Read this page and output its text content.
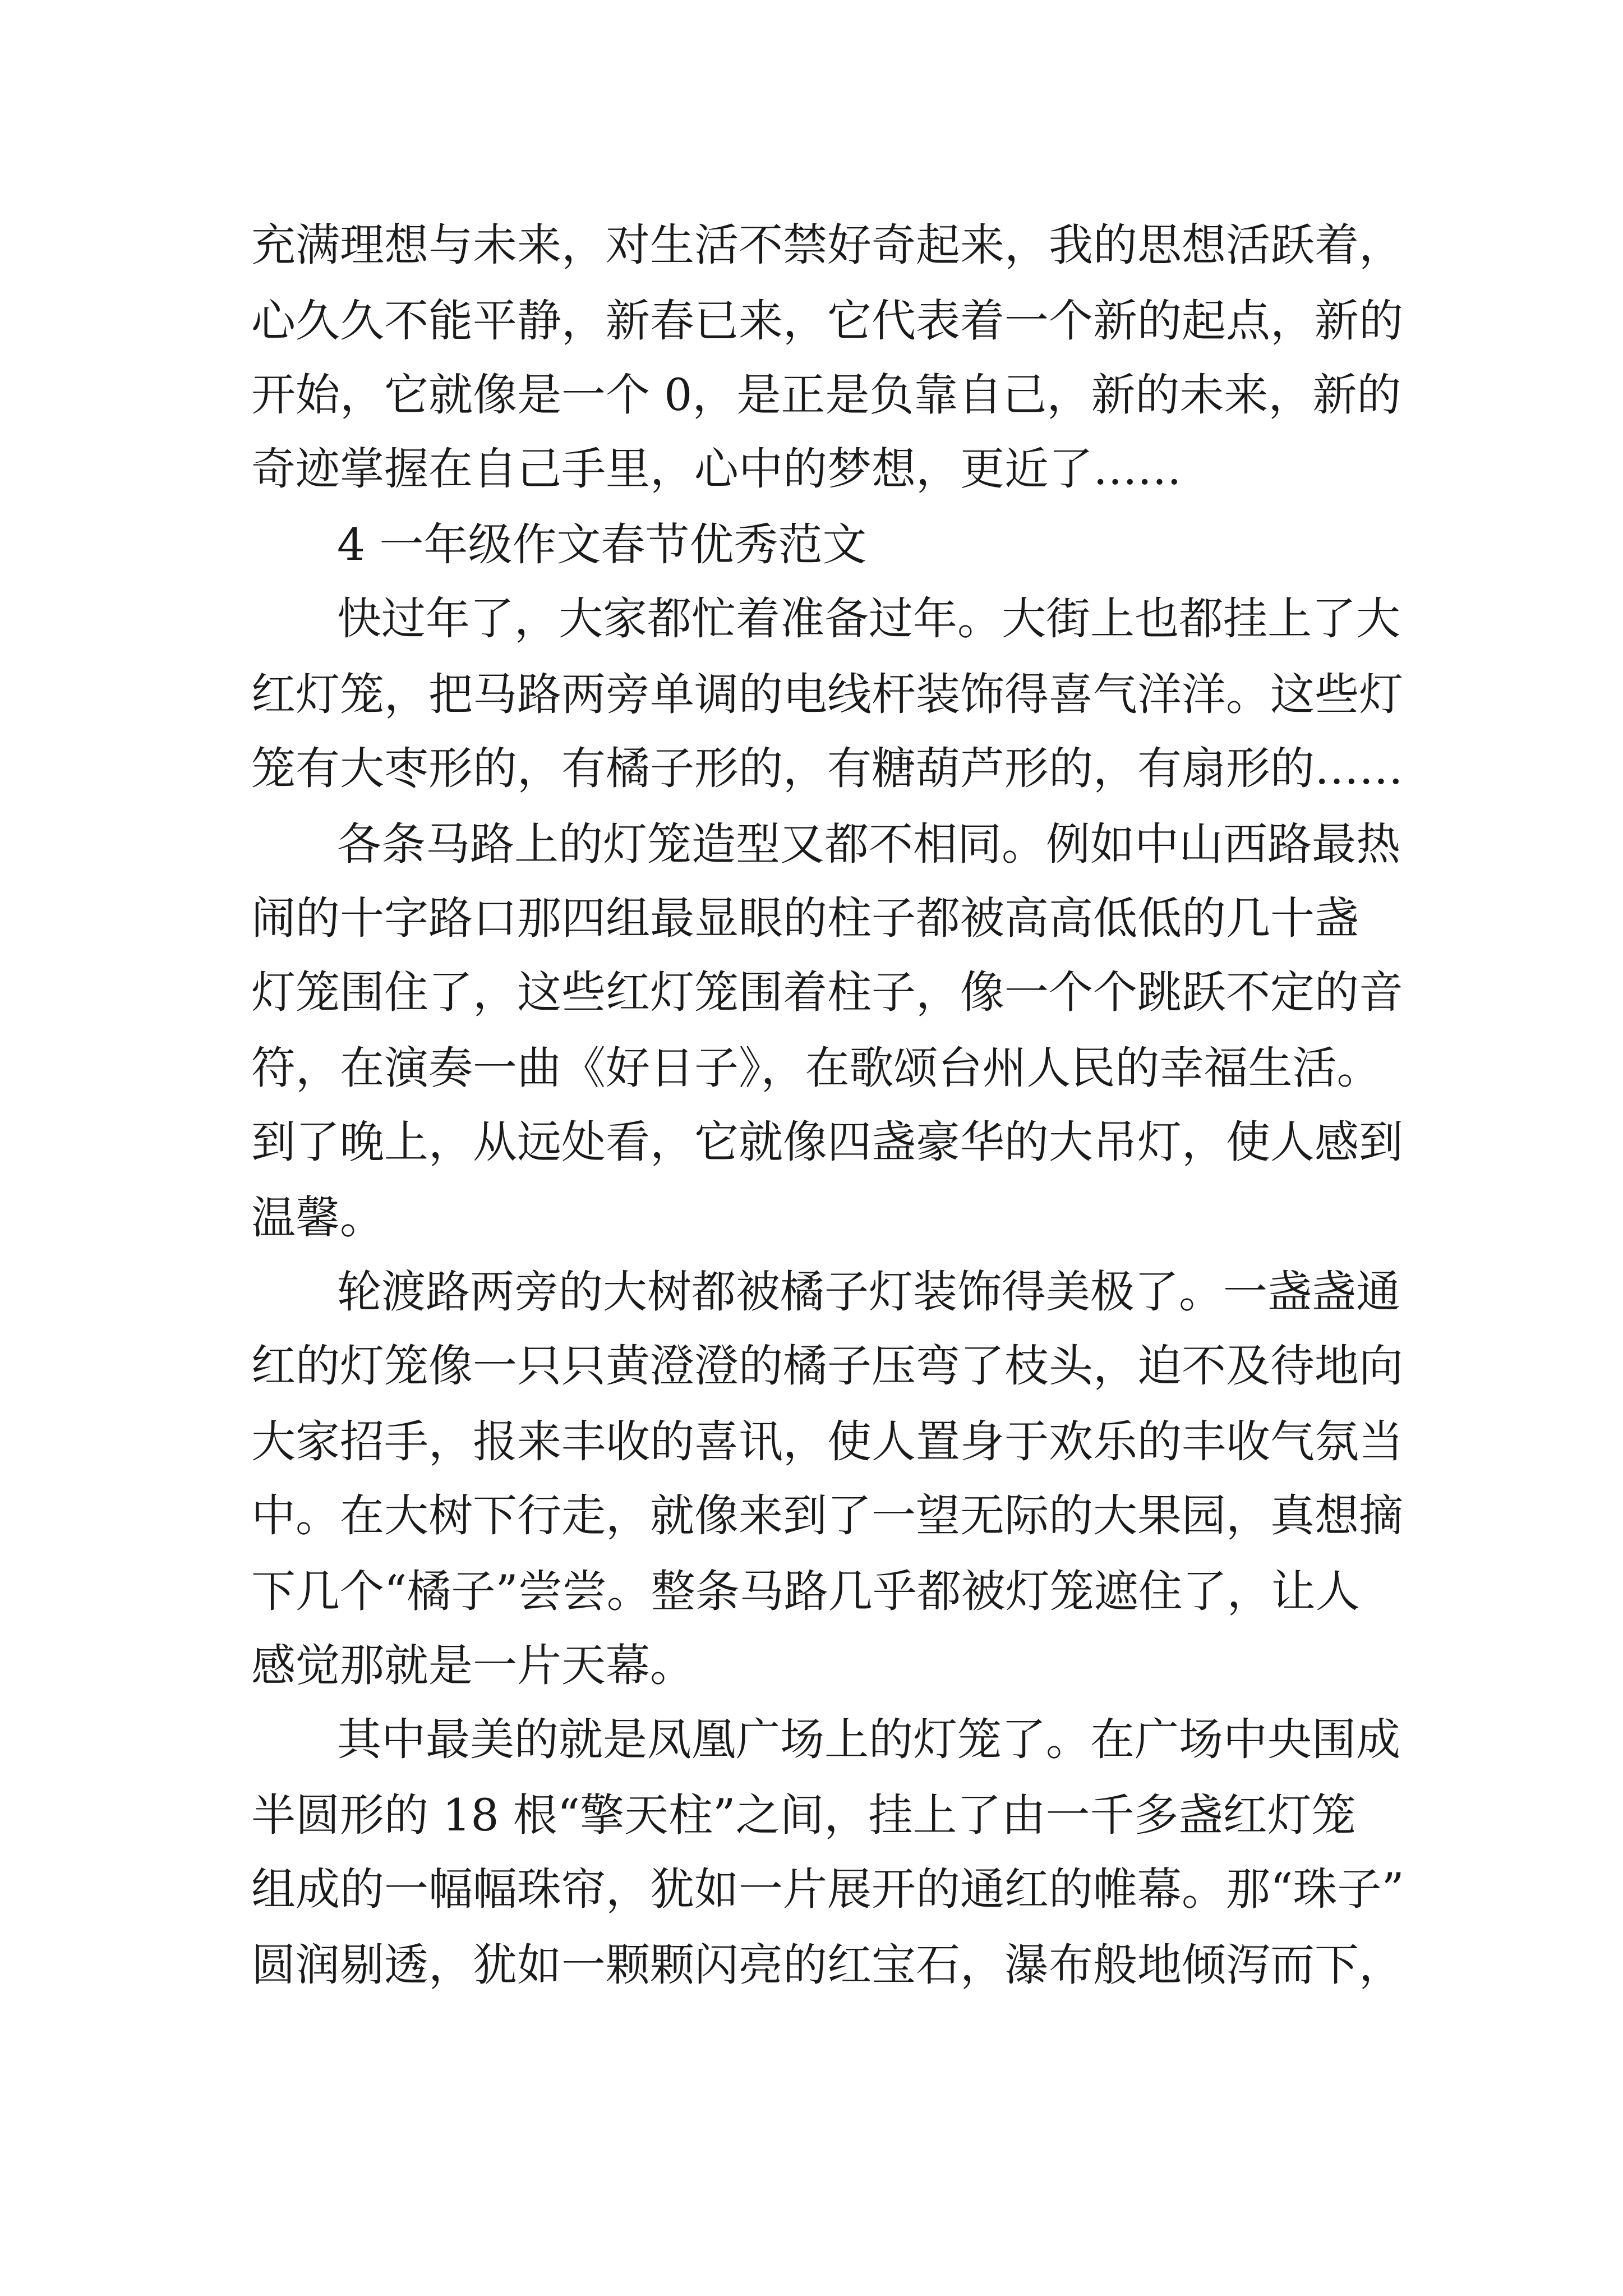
充满理想与未来，对生活不禁好奇起来，我的思想活跃着，

心久久不能平静，新春已来，它代表着一个新的起点，新的

开始，它就像是一个 0，是正是负靠自己，新的未来，新的

奇迹掌握在自己手里，心中的梦想，更近了……

4 一年级作文春节优秀范文

快过年了，大家都忙着准备过年。大街上也都挂上了大

红灯笼，把马路两旁单调的电线杆装饰得喜气洋洋。这些灯

笼有大枣形的，有橘子形的，有糖葫芦形的，有扇形的……

各条马路上的灯笼造型又都不相同。例如中山西路最热

闹的十字路口那四组最显眼的柱子都被高高低低的几十盏

灯笼围住了，这些红灯笼围着柱子，像一个个跳跃不定的音

符，在演奏一曲《好日子》，在歌颂台州人民的幸福生活。

到了晚上，从远处看，它就像四盏豪华的大吊灯，使人感到

温馨。

轮渡路两旁的大树都被橘子灯装饰得美极了。一盏盏通

红的灯笼像一只只黄澄澄的橘子压弯了枝头，迫不及待地向

大家招手，报来丰收的喜讯，使人置身于欢乐的丰收气氛当

中。在大树下行走，就像来到了一望无际的大果园，真想摘

下几个“橘子”尝尝。整条马路几乎都被灯笼遮住了，让人

感觉那就是一片天幕。

其中最美的就是凤凰广场上的灯笼了。在广场中央围成

半圆形的 18 根“擎天柱”之间，挂上了由一千多盏红灯笼

组成的一幅幅珠帘，犹如一片展开的通红的帷幕。那“珠子”

圆润剔透，犹如一颗颗闪亮的红宝石，瀑布般地倾泻而下，
